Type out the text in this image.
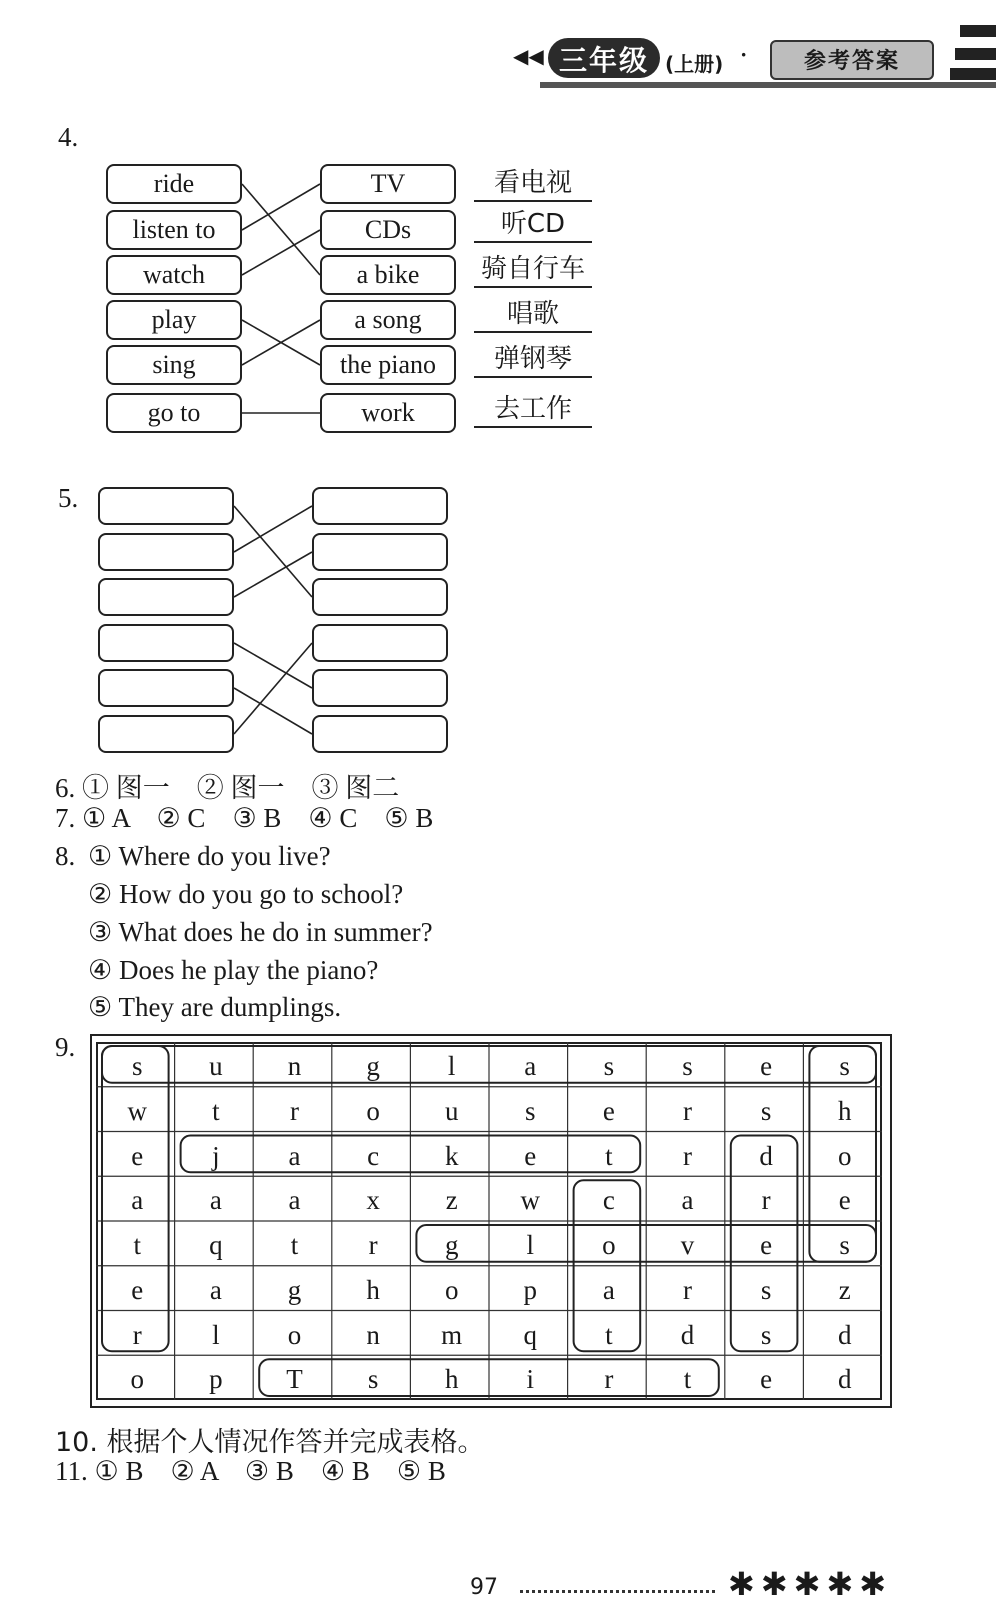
◀◀ 三年级 (上册) ·	参考答案
4.
ride
listen to
watch
play
sing
go to
TV
CDs
a bike
a song
the piano
work
看电视
听CD
骑自行车
唱歌
弹钢琴
去工作
5.
6. ① 图一    ② 图一    ③ 图二
7. ① A    ② C    ③ B    ④ C    ⑤ B
8. ① Where do you live?
② How do you go to school?
③ What does he do in summer?
④ Does he play the piano?
⑤ They are dumplings.
9.
s	u	n	g	l	a	s	s	e	s
w	t	r	o	u	s	e	r	s	h
e	j	a	c	k	e	t	r	d	o
a	a	a	x	z	w	c	a	r	e
t	q	t	r	g	l	o	v	e	s
e	a	g	h	o	p	a	r	s	z
r	l	o	n	m	q	t	d	s	d
o	p	T	s	h	i	r	t	e	d
10. 根据个人情况作答并完成表格。
11. ① B    ② A    ③ B    ④ B    ⑤ B
97	✱✱✱✱✱
